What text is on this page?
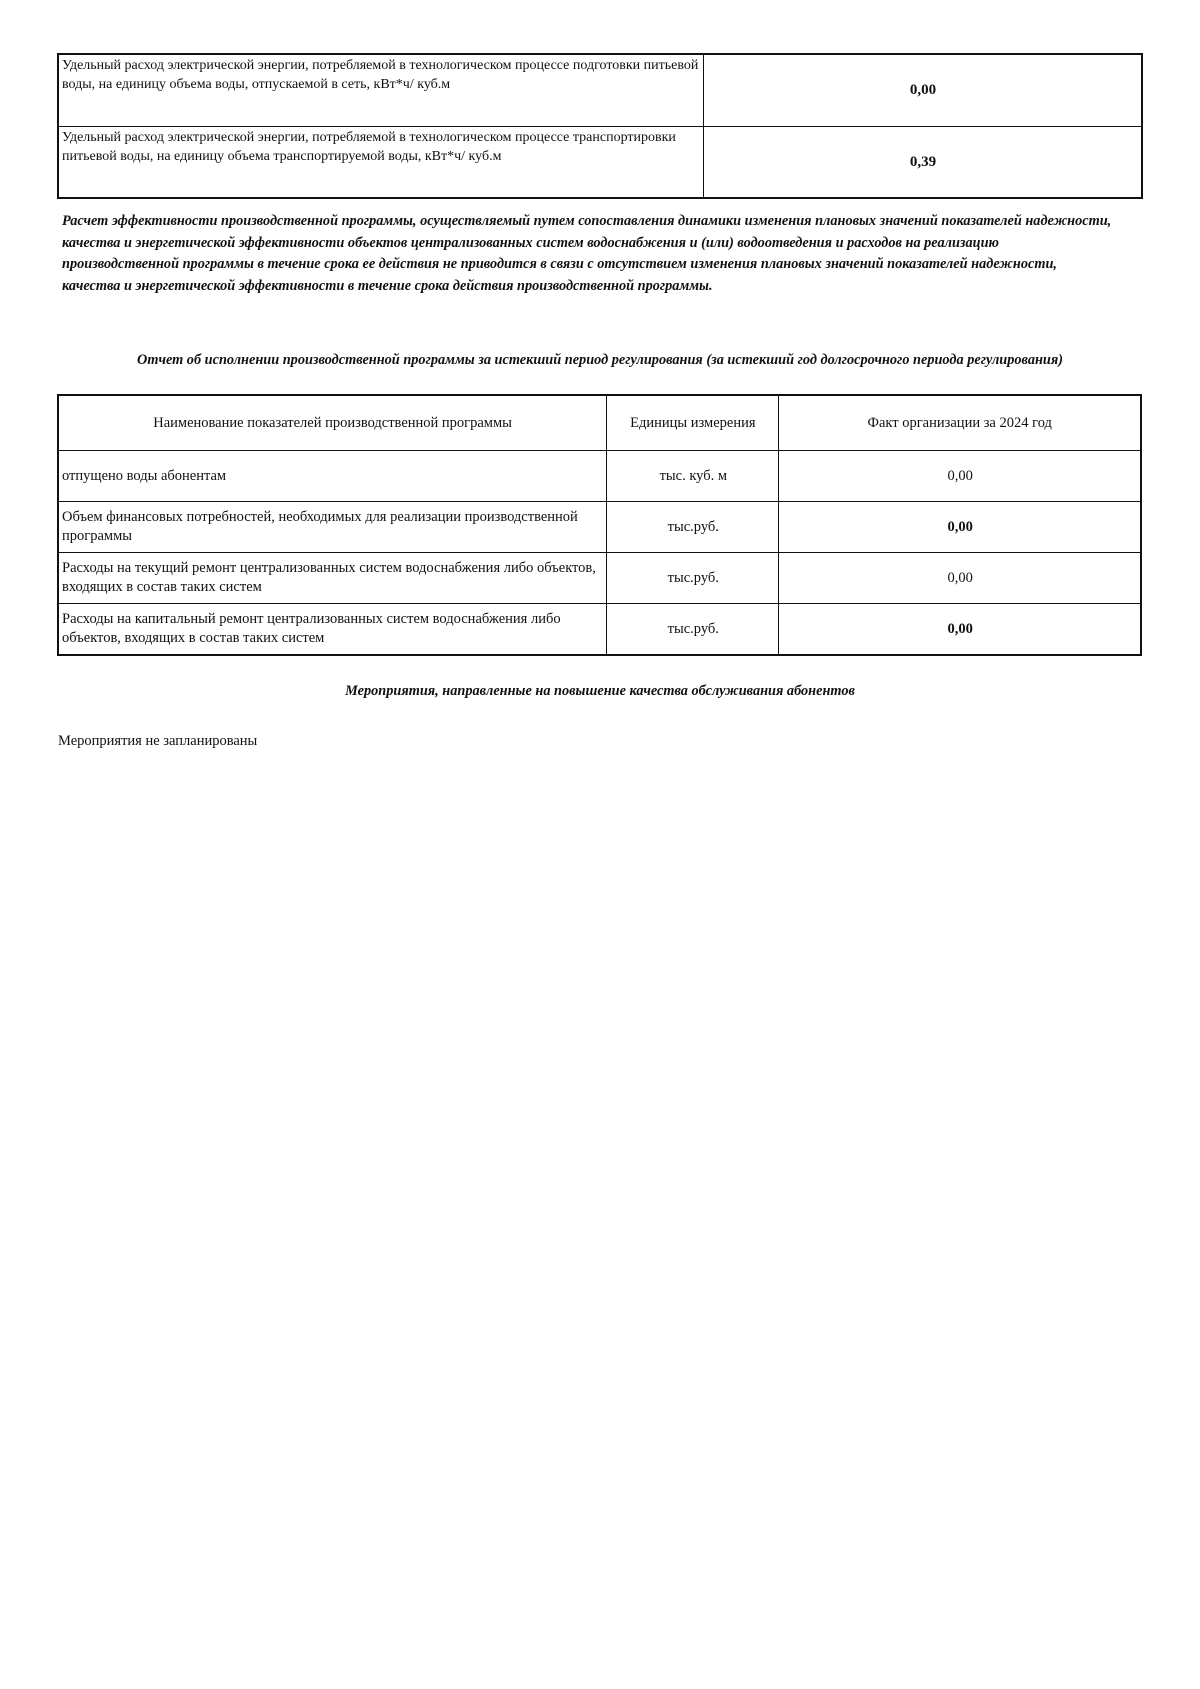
Удельный расход электрической энергии, потребляемой в технологическом процессе подготовки питьевой воды, на единицу объема воды, отпускаемой в сеть, кВт*ч/ куб.м	0,00
Удельный расход электрической энергии, потребляемой в технологическом процессе транспортировки питьевой воды, на единицу объема транспортируемой воды, кВт*ч/ куб.м	0,39
Расчет эффективности производственной программы, осуществляемый путем сопоставления динамики изменения плановых значений показателей надежности, качества и энергетической эффективности объектов централизованных систем водоснабжения и (или) водоотведения и расходов на реализацию производственной программы в течение срока ее действия не приводится в связи с отсутствием изменения плановых значений показателей надежности, качества и энергетической эффективности в течение срока действия производственной программы.
Отчет об исполнении производственной программы за истекший период регулирования (за истекший год долгосрочного периода регулирования)
Наименование показателей производственной программы	Единицы измерения	Факт организации за 2024 год
отпущено воды абонентам	тыс. куб. м	0,00
Объем финансовых потребностей, необходимых для реализации производственной программы	тыс.руб.	0,00
Расходы на текущий ремонт централизованных систем водоснабжения либо объектов, входящих в состав таких систем	тыс.руб.	0,00
Расходы на капитальный ремонт централизованных систем водоснабжения либо объектов, входящих в состав таких систем	тыс.руб.	0,00
Мероприятия, направленные на повышение качества обслуживания абонентов
Мероприятия не запланированы
